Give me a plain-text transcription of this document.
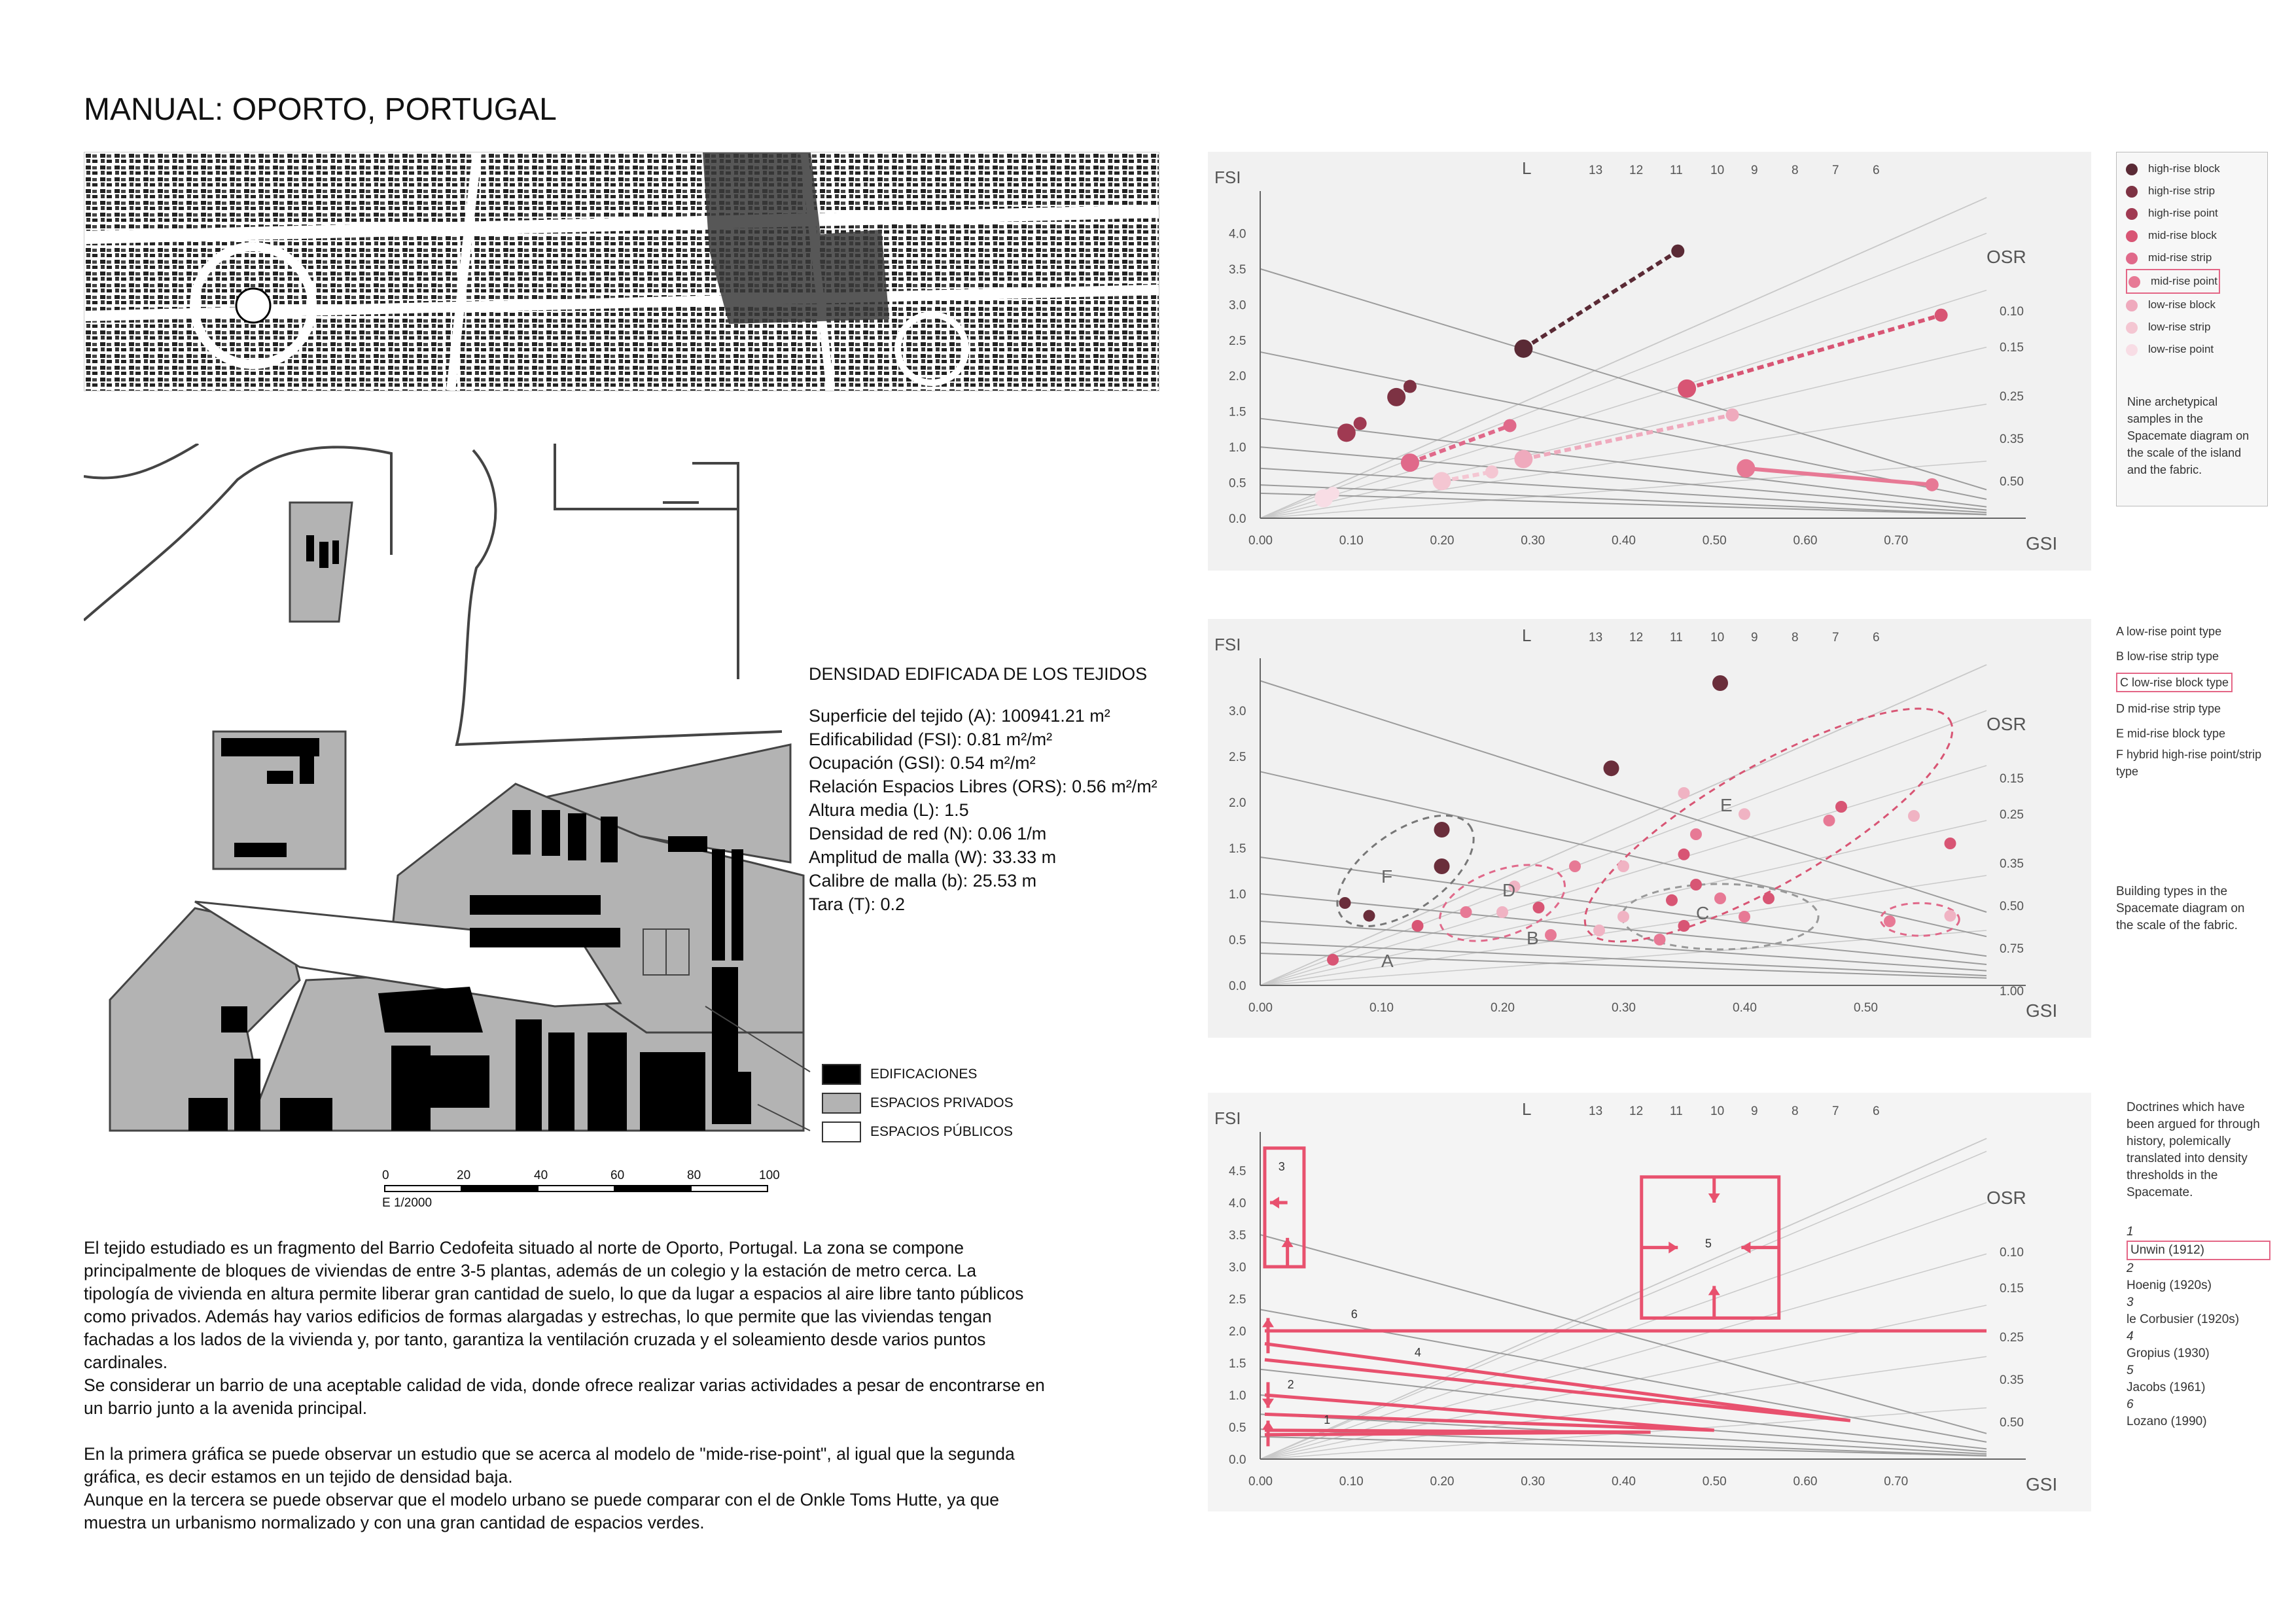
MANUAL: OPORTO, PORTUGAL
DENSIDAD EDIFICADA DE LOS TEJIDOS
Superficie del tejido (A): 100941.21 m²
Edificabilidad (FSI): 0.81 m²/m²
Ocupación (GSI): 0.54 m²/m²
Relación Espacios Libres (ORS): 0.56 m²/m²
Altura media (L): 1.5
Densidad de red (N): 0.06 1/m
Amplitud de malla (W): 33.33 m
Calibre de malla (b): 25.53 m
Tara (T): 0.2
EDIFICACIONES
ESPACIOS PRIVADOS
ESPACIOS PÚBLICOS
0	20	40	60	80	100
E 1/2000

El tejido estudiado es un fragmento del Barrio Cedofeita situado al norte de Oporto, Portugal. La zona se compone principalmente de bloques de viviendas de entre 3-5 plantas, además de un colegio y la estación de metro cerca. La tipología de vivienda en altura permite liberar gran cantidad de suelo, lo que da lugar a espacios al aire libre tanto públicos como privados. Además hay varios edificios de formas alargadas y estrechas, lo que permite que las viviendas tengan fachadas a los lados de la vivienda y, por tanto, garantiza la ventilación cruzada y el soleamiento desde varios puntos cardinales.

Se considerar un barrio de una aceptable calidad de vida, donde ofrece realizar varias actividades a pesar de encontrarse en un barrio junto a la avenida principal.

En la primera gráfica se puede observar un estudio que se acerca al modelo de "mide-rise-point", al igual que la segunda gráfica, es decir estamos en un tejido de densidad baja.

Aunque en la tercera se puede observar que el modelo urbano se puede comparar con el de Onkle Toms Hutte, ya que muestra un urbanismo normalizado y con una gran cantidad de espacios verdes.

0.00	0.10	0.20	0.30	0.40	0.50	0.60	0.70
0.0
0.5
1.0
1.5
2.0
2.5
3.0
3.5
4.0
GSI
FSI
OSR
L	13 12 11 10 9	8	7	6
0.10
0.15
0.25
0.35
0.50
high-rise block
high-rise strip
high-rise point
mid-rise block
mid-rise strip
mid-rise point
low-rise block
low-rise strip
low-rise point
Nine archetypical samples in the Spacemate diagram on the scale of the island and the fabric.
0.00	0.10	0.20	0.30	0.40	0.50
0.0
0.5
1.0
1.5
2.0
2.5
3.0
GSI
FSI
OSR
L	13 12 11 10 9	8	7	6
0.15
0.25
0.35
0.50
0.75
1.00
A
B
C
D
E
F
A low-rise point type
B low-rise strip type
C low-rise block type
D mid-rise strip type
E mid-rise block type
F hybrid high-rise point/strip type
Building types in the Spacemate diagram on the scale of the fabric.
0.00	0.10	0.20	0.30	0.40	0.50	0.60	0.70
0.0
0.5
1.0
1.5
2.0
2.5
3.0
3.5
4.0
4.5
GSI
FSI
OSR
L	13 12 11 10 9	8	7	6
0.10
0.15
0.25
0.35
0.50
1
2
3
4
5
6
Doctrines which have been argued for through history, polemically translated into density thresholds in the Spacemate.
1
Unwin (1912)
2
Hoenig (1920s)
3
le Corbusier (1920s)
4
Gropius (1930)
5
Jacobs (1961)
6
Lozano (1990)
